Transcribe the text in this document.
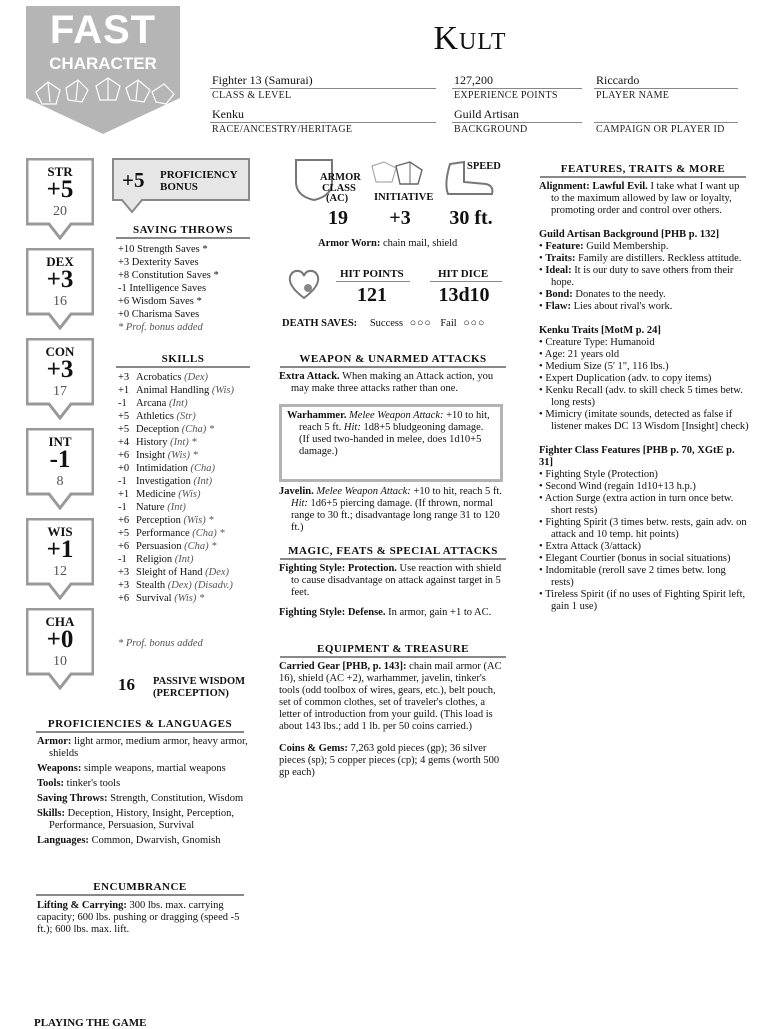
FAST
CHARACTER
Kult
Fighter 13 (Samurai)
CLASS & LEVEL
127,200
EXPERIENCE POINTS
Riccardo
PLAYER NAME
Kenku
RACE/ANCESTRY/HERITAGE
Guild Artisan
BACKGROUND	CAMPAIGN OR PLAYER ID
STR
+5
20
DEX
+3
16
CON
+3
17
INT
-1
8
WIS
+1
12
CHA
+0
10
+5 PROFICIENCY
BONUS
SAVING THROWS
+10 Strength Saves *
+3 Dexterity Saves
+8 Constitution Saves *
-1 Intelligence Saves
+6 Wisdom Saves *
+0 Charisma Saves
* Prof. bonus added
SKILLS
+3 Acrobatics (Dex)
+1 Animal Handling (Wis)
-1 Arcana (Int)
+5 Athletics (Str)
+5 Deception (Cha) *
+4 History (Int) *
+6 Insight (Wis) *
+0 Intimidation (Cha)
-1 Investigation (Int)
+1 Medicine (Wis)
-1 Nature (Int)
+6 Perception (Wis) *
+5 Performance (Cha) *
+6 Persuasion (Cha) *
-1 Religion (Int)
+3 Sleight of Hand (Dex)
+3 Stealth (Dex) (Disadv.)
+6 Survival (Wis) *
* Prof. bonus added
16 PASSIVE WISDOM
(PERCEPTION)
PROFICIENCIES & LANGUAGES

Armor: light armor, medium armor, heavy armor, shields

Weapons: simple weapons, martial weapons

Tools: tinker's tools

Saving Throws: Strength, Constitution, Wisdom

Skills: Deception, History, Insight, Perception, Performance, Persuasion, Survival

Languages: Common, Dwarvish, Gnomish

ENCUMBRANCE
Lifting & Carrying: 300 lbs. max. carrying capacity; 600 lbs. pushing or dragging (speed -5 ft.); 600 lbs. max. lift.
PLAYING THE GAME
ARMOR
CLASS
(AC)
19
INITIATIVE
+3
SPEED
30 ft.
Armor Worn: chain mail, shield
HIT POINTS
121
HIT DICE
13d10
DEATH SAVES: Success ○○○ Fail ○○○
WEAPON & UNARMED ATTACKS

Extra Attack. When making an Attack action, you may make three attacks rather than one.

Warhammer. Melee Weapon Attack: +10 to hit, reach 5 ft. Hit: 1d8+5 bludgeoning damage. (If used two-handed in melee, does 1d10+5 damage.)

Javelin. Melee Weapon Attack: +10 to hit, reach 5 ft. Hit: 1d6+5 piercing damage. (If thrown, normal range to 30 ft.; disadvantage long range 31 to 120 ft.)

MAGIC, FEATS & SPECIAL ATTACKS

Fighting Style: Protection. Use reaction with shield to cause disadvantage on attack against target in 5 feet.

Fighting Style: Defense. In armor, gain +1 to AC.

EQUIPMENT & TREASURE

Carried Gear [PHB, p. 143]: chain mail armor (AC 16), shield (AC +2), warhammer, javelin, tinker's tools (odd toolbox of wires, gears, etc.), belt pouch, set of common clothes, set of traveler's clothes, a letter of introduction from your guild. (This load is about 143 lbs.; add 1 lb. per 50 coins carried.)

Coins & Gems: 7,263 gold pieces (gp); 36 silver pieces (sp); 5 copper pieces (cp); 4 gems (worth 500 gp each)

FEATURES, TRAITS & MORE

Alignment: Lawful Evil. I take what I want up to the maximum allowed by law or loyalty, promoting order and control over others.

Guild Artisan Background [PHB p. 132]

• Feature: Guild Membership.

• Traits: Family are distillers. Reckless attitude.

• Ideal: It is our duty to save others from their hope.

• Bond: Donates to the needy.

• Flaw: Lies about rival's work.

Kenku Traits [MotM p. 24]

• Creature Type: Humanoid

• Age: 21 years old

• Medium Size (5' 1", 116 lbs.)

• Expert Duplication (adv. to copy items)

• Kenku Recall (adv. to skill check 5 times betw. long rests)

• Mimicry (imitate sounds, detected as false if listener makes DC 13 Wisdom [Insight] check)

Fighter Class Features [PHB p. 70, XGtE p. 31]

• Fighting Style (Protection)

• Second Wind (regain 1d10+13 h.p.)

• Action Surge (extra action in turn once betw. short rests)

• Fighting Spirit (3 times betw. rests, gain adv. on attack and 10 temp. hit points)

• Extra Attack (3/attack)

• Elegant Courtier (bonus in social situations)

• Indomitable (reroll save 2 times betw. long rests)

• Tireless Spirit (if no uses of Fighting Spirit left, gain 1 use)
